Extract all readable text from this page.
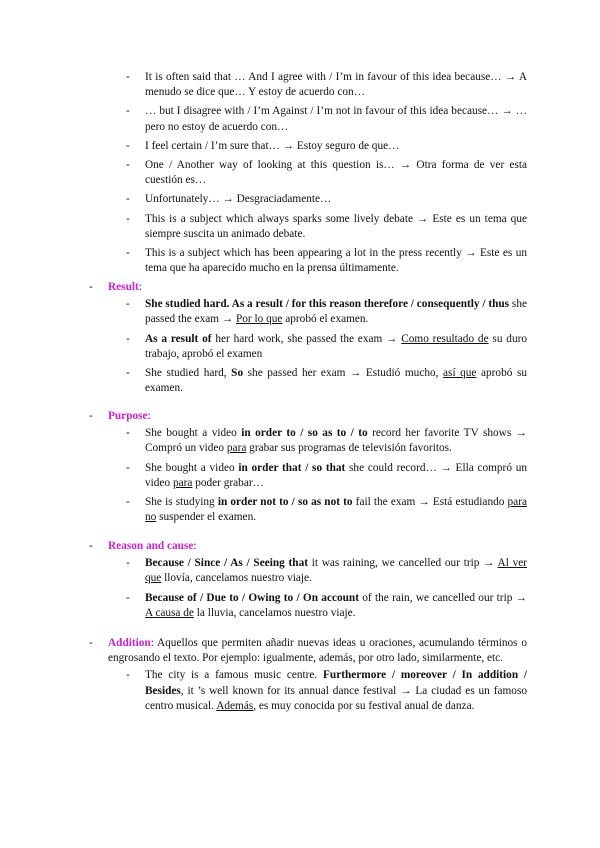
- It is often said that … And I agree with / I’m in favour of this idea because… → A menudo se dice que… Y estoy de acuerdo con…
- … but I disagree with / I’m Against / I’m not in favour of this idea because… → … pero no estoy de acuerdo con…
- I feel certain / I’m sure that… → Estoy seguro de que…
- One / Another way of looking at this question is… → Otra forma de ver esta cuestión es…
- Unfortunately… → Desgraciadamente…
- This is a subject which always sparks some lively debate → Este es un tema que siempre suscita un animado debate.
- This is a subject which has been appearing a lot in the press recently → Este es un tema que ha aparecido mucho en la prensa últimamente.
- Result:
- She studied hard. As a result / for this reason therefore / consequently / thus she passed the exam → Por lo que aprobó el examen.
- As a result of her hard work, she passed the exam → Como resultado de su duro trabajo, aprobó el examen
- She studied hard, So she passed her exam → Estudió mucho, así que aprobó su examen.
- Purpose:
- She bought a video in order to / so as to / to record her favorite TV shows → Compró un video para grabar sus programas de televisión favoritos.
- She bought a video in order that / so that she could record… → Ella compró un video para poder grabar…
- She is studying in order not to / so as not to fail the exam → Está estudiando para no suspender el examen.
- Reason and cause:
- Because / Since / As / Seeing that it was raining, we cancelled our trip → Al ver que llovía, cancelamos nuestro viaje.
- Because of / Due to / Owing to / On account of the rain, we cancelled our trip → A causa de la lluvia, cancelamos nuestro viaje.
- Addition: Aquellos que permiten añadir nuevas ideas u oraciones, acumulando términos o engrosando el texto. Por ejemplo: igualmente, además, por otro lado, similarmente, etc.
- The city is a famous music centre. Furthermore / moreover / In addition / Besides, it ’s well known for its annual dance festival → La ciudad es un famoso centro musical. Además, es muy conocida por su festival anual de danza.
